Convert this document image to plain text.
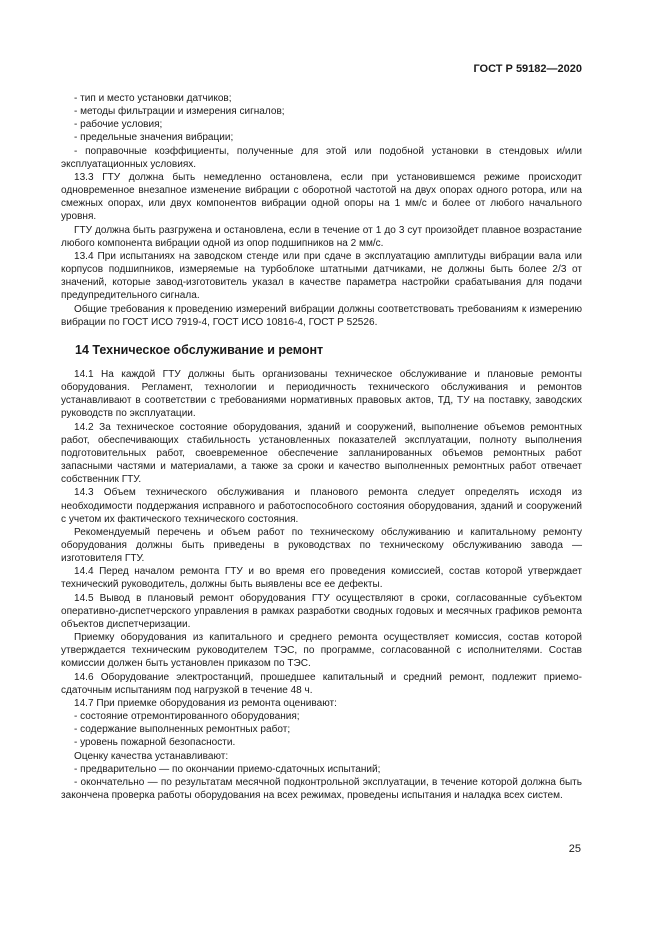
ГОСТ Р 59182—2020

- тип и место установки датчиков;

- методы фильтрации и измерения сигналов;

- рабочие условия;

- предельные значения вибрации;

- поправочные коэффициенты, полученные для этой или подобной установки в стендовых и/или эксплуатационных условиях.

13.3 ГТУ должна быть немедленно остановлена, если при установившемся режиме происходит одновременное внезапное изменение вибрации с оборотной частотой на двух опорах одного ротора, или на смежных опорах, или двух компонентов вибрации одной опоры на 1 мм/с и более от любого начального уровня.

ГТУ должна быть разгружена и остановлена, если в течение от 1 до 3 сут произойдет плавное возрастание любого компонента вибрации одной из опор подшипников на 2 мм/с.

13.4 При испытаниях на заводском стенде или при сдаче в эксплуатацию амплитуды вибрации вала или корпусов подшипников, измеряемые на турбоблоке штатными датчиками, не должны быть более 2/3 от значений, которые завод-изготовитель указал в качестве параметра настройки срабатывания для подачи предупредительного сигнала.

Общие требования к проведению измерений вибрации должны соответствовать требованиям к измерению вибрации по ГОСТ ИСО 7919-4, ГОСТ ИСО 10816-4, ГОСТ Р 52526.

14 Техническое обслуживание и ремонт

14.1 На каждой ГТУ должны быть организованы техническое обслуживание и плановые ремонты оборудования. Регламент, технологии и периодичность технического обслуживания и ремонтов устанавливают в соответствии с требованиями нормативных правовых актов, ТД, ТУ на поставку, заводских руководств по эксплуатации.

14.2 За техническое состояние оборудования, зданий и сооружений, выполнение объемов ремонтных работ, обеспечивающих стабильность установленных показателей эксплуатации, полноту выполнения подготовительных работ, своевременное обеспечение запланированных объемов ремонтных работ запасными частями и материалами, а также за сроки и качество выполненных ремонтных работ отвечает собственник ГТУ.

14.3 Объем технического обслуживания и планового ремонта следует определять исходя из необходимости поддержания исправного и работоспособного состояния оборудования, зданий и сооружений с учетом их фактического технического состояния.

Рекомендуемый перечень и объем работ по техническому обслуживанию и капитальному ремонту оборудования должны быть приведены в руководствах по техническому обслуживанию завода — изготовителя ГТУ.

14.4 Перед началом ремонта ГТУ и во время его проведения комиссией, состав которой утверждает технический руководитель, должны быть выявлены все ее дефекты.

14.5 Вывод в плановый ремонт оборудования ГТУ осуществляют в сроки, согласованные субъектом оперативно-диспетчерского управления в рамках разработки сводных годовых и месячных графиков ремонта объектов диспетчеризации.

Приемку оборудования из капитального и среднего ремонта осуществляет комиссия, состав которой утверждается техническим руководителем ТЭС, по программе, согласованной с исполнителями. Состав комиссии должен быть установлен приказом по ТЭС.

14.6 Оборудование электростанций, прошедшее капитальный и средний ремонт, подлежит приемо-сдаточным испытаниям под нагрузкой в течение 48 ч.

14.7 При приемке оборудования из ремонта оценивают:

- состояние отремонтированного оборудования;

- содержание выполненных ремонтных работ;

- уровень пожарной безопасности.

Оценку качества устанавливают:

- предварительно — по окончании приемо-сдаточных испытаний;

- окончательно — по результатам месячной подконтрольной эксплуатации, в течение которой должна быть закончена проверка работы оборудования на всех режимах, проведены испытания и наладка всех систем.

25
